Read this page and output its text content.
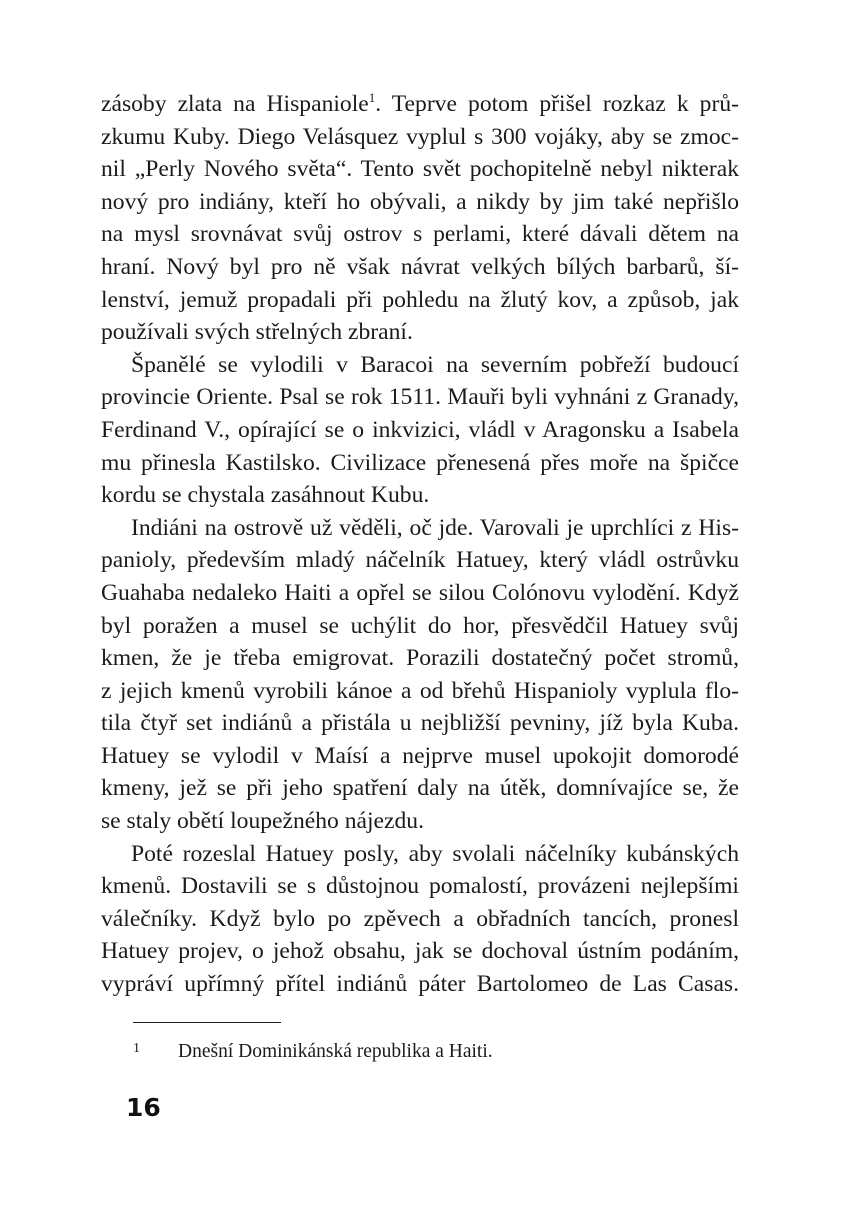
zásoby zlata na Hispaniole$^1$. Teprve potom přišel rozkaz k prů-
zkumu Kuby. Diego Velásquez vyplul s 300 vojáky, aby se zmoc-
nil „Perly Nového světa“. Tento svět pochopitelně nebyl nikterak
nový pro indiány, kteří ho obývali, a nikdy by jim také nepřišlo
na mysl srovnávat svůj ostrov s perlami, které dávali dětem na
hraní. Nový byl pro ně však návrat velkých bílých barbarů, ší-
lenství, jemuž propadali při pohledu na žlutý kov, a způsob, jak
používali svých střelných zbraní.
Španělé se vylodili v Baracoi na severním pobřeží budoucí
provincie Oriente. Psal se rok 1511. Mauři byli vyhnáni z Granady,
Ferdinand V., opírající se o inkvizici, vládl v Aragonsku a Isabela
mu přinesla Kastilsko. Civilizace přenesená přes moře na špičce
kordu se chystala zasáhnout Kubu.
Indiáni na ostrově už věděli, oč jde. Varovali je uprchlíci z His-
panioly, především mladý náčelník Hatuey, který vládl ostrůvku
Guahaba nedaleko Haiti a opřel se silou Colónovu vylodění. Když
byl poražen a musel se uchýlit do hor, přesvědčil Hatuey svůj
kmen, že je třeba emigrovat. Porazili dostatečný počet stromů,
z jejich kmenů vyrobili kánoe a od břehů Hispanioly vyplula flo-
tila čtyř set indiánů a přistála u nejbližší pevniny, jíž byla Kuba.
Hatuey se vylodil v Maísí a nejprve musel upokojit domorodé
kmeny, jež se při jeho spatření daly na útěk, domnívajíce se, že
se staly obětí loupežného nájezdu.
Poté rozeslal Hatuey posly, aby svolali náčelníky kubánských
kmenů. Dostavili se s důstojnou pomalostí, provázeni nejlepšími
válečníky. Když bylo po zpěvech a obřadních tancích, pronesl
Hatuey projev, o jehož obsahu, jak se dochoval ústním podáním,
vypráví upřímný přítel indiánů páter Bartolomeo de Las Casas.
1 Dnešní Dominikánská republika a Haiti.
16
